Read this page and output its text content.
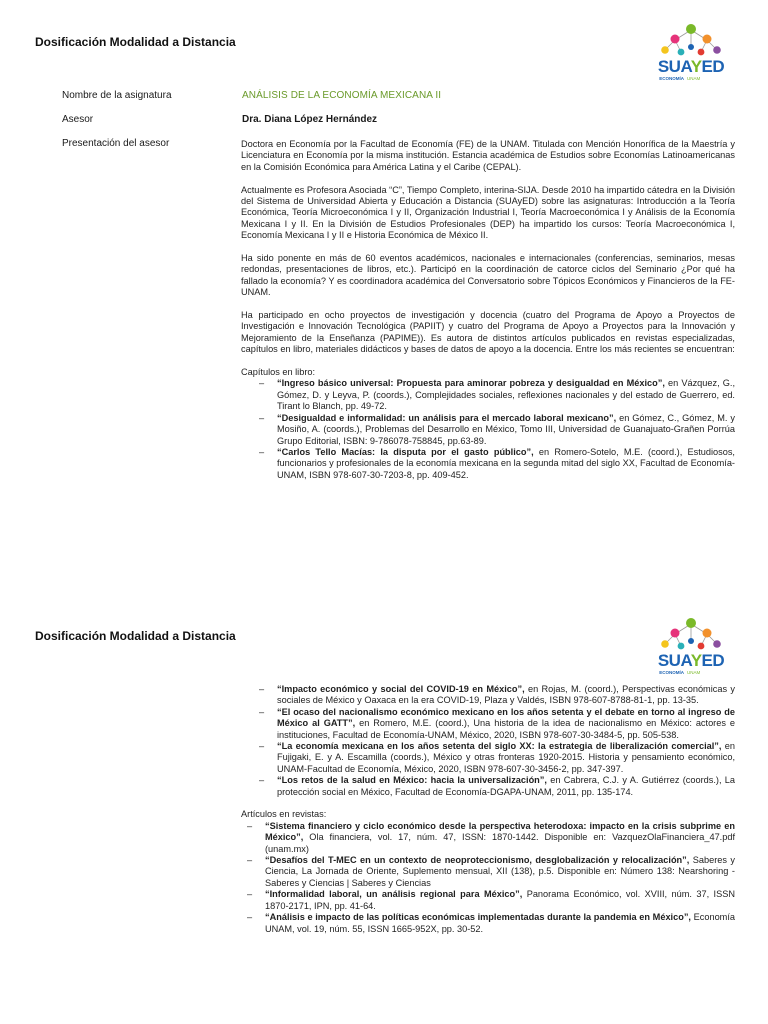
Dosificación Modalidad a Distancia
SUAYED
ECONOMÍA UNAM
Nombre de la asignatura	ANÁLISIS DE LA ECONOMÍA MEXICANA II
Asesor	Dra. Diana López Hernández
Presentación del asesor	Doctora en Economía por la Facultad de Economía (FE) de la UNAM. Titulada con Mención Honorífica de la Maestría y Licenciatura en Economía por la misma institución. Estancia académica de Estudios sobre Economías Latinoamericanas en la Comisión Económica para América Latina y el Caribe (CEPAL).

Actualmente es Profesora Asociada “C”, Tiempo Completo, interina-SIJA. Desde 2010 ha impartido cátedra en la División del Sistema de Universidad Abierta y Educación a Distancia (SUAyED) sobre las asignaturas: Introducción a la Teoría Económica, Teoría Microeconómica I y II, Organización Industrial I, Teoría Macroeconómica I y Análisis de la Economía Mexicana I y II. En la División de Estudios Profesionales (DEP) ha impartido los cursos: Teoría Macroeconómica I, Economía Mexicana I y II e Historia Económica de México II.

Ha sido ponente en más de 60 eventos académicos, nacionales e internacionales (conferencias, seminarios, mesas redondas, presentaciones de libros, etc.). Participó en la coordinación de catorce ciclos del Seminario ¿Por qué ha fallado la economía? Y es coordinadora académica del Conversatorio sobre Tópicos Económicos y Financieros de la FE-UNAM.

Ha participado en ocho proyectos de investigación y docencia (cuatro del Programa de Apoyo a Proyectos de Investigación e Innovación Tecnológica (PAPIIT) y cuatro del Programa de Apoyo a Proyectos para la Innovación y Mejoramiento de la Enseñanza (PAPIME)). Es autora de distintos artículos publicados en revistas especializadas, capítulos en libro, materiales didácticos y bases de datos de apoyo a la docencia. Entre los más recientes se encuentran:

Capítulos en libro:
– “Ingreso básico universal: Propuesta para aminorar pobreza y desigualdad en México”, en Vázquez, G., Gómez, D. y Leyva, P. (coords.), Complejidades sociales, reflexiones nacionales y del estado de Guerrero, ed. Tirant lo Blanch, pp. 49-72.
– “Desigualdad e informalidad: un análisis para el mercado laboral mexicano”, en Gómez, C., Gómez, M. y Mosiño, A. (coords.), Problemas del Desarrollo en México, Tomo III, Universidad de Guanajuato-Grañen Porrúa Grupo Editorial, ISBN: 9-786078-758845, pp.63-89.
– “Carlos Tello Macías: la disputa por el gasto público”, en Romero-Sotelo, M.E. (coord.), Estudiosos, funcionarios y profesionales de la economía mexicana en la segunda mitad del siglo XX, Facultad de Economía-UNAM, ISBN 978-607-30-7203-8, pp. 409-452.
Dosificación Modalidad a Distancia
SUAYED
ECONOMÍA UNAM
– “Impacto económico y social del COVID-19 en México”, en Rojas, M. (coord.), Perspectivas económicas y sociales de México y Oaxaca en la era COVID-19, Plaza y Valdés, ISBN 978-607-8788-81-1, pp. 13-35.
– “El ocaso del nacionalismo económico mexicano en los años setenta y el debate en torno al ingreso de México al GATT”, en Romero, M.E. (coord.), Una historia de la idea de nacionalismo en México: actores e instituciones, Facultad de Economía-UNAM, México, 2020, ISBN 978-607-30-3484-5, pp. 505-538.
– “La economía mexicana en los años setenta del siglo XX: la estrategia de liberalización comercial”, en Fujigaki, E. y A. Escamilla (coords.), México y otras fronteras 1920-2015. Historia y pensamiento económico, UNAM-Facultad de Economía, México, 2020, ISBN 978-607-30-3456-2, pp. 347-397.
– “Los retos de la salud en México: hacia la universalización”, en Cabrera, C.J. y A. Gutiérrez (coords.), La protección social en México, Facultad de Economía-DGAPA-UNAM, 2011, pp. 135-174.
Artículos en revistas:
– “Sistema financiero y ciclo económico desde la perspectiva heterodoxa: impacto en la crisis subprime en México”, Ola financiera, vol. 17, núm. 47, ISSN: 1870-1442. Disponible en: VazquezOlaFinanciera_47.pdf (unam.mx)
– “Desafíos del T-MEC en un contexto de neoproteccionismo, desglobalización y relocalización”, Saberes y Ciencia, La Jornada de Oriente, Suplemento mensual, XII (138), p.5. Disponible en: Número 138: Nearshoring - Saberes y Ciencias | Saberes y Ciencias
– “Informalidad laboral, un análisis regional para México”, Panorama Económico, vol. XVIII, núm. 37, ISSN 1870-2171, IPN, pp. 41-64.
– “Análisis e impacto de las políticas económicas implementadas durante la pandemia en México”, Economía UNAM, vol. 19, núm. 55, ISSN 1665-952X, pp. 30-52.
